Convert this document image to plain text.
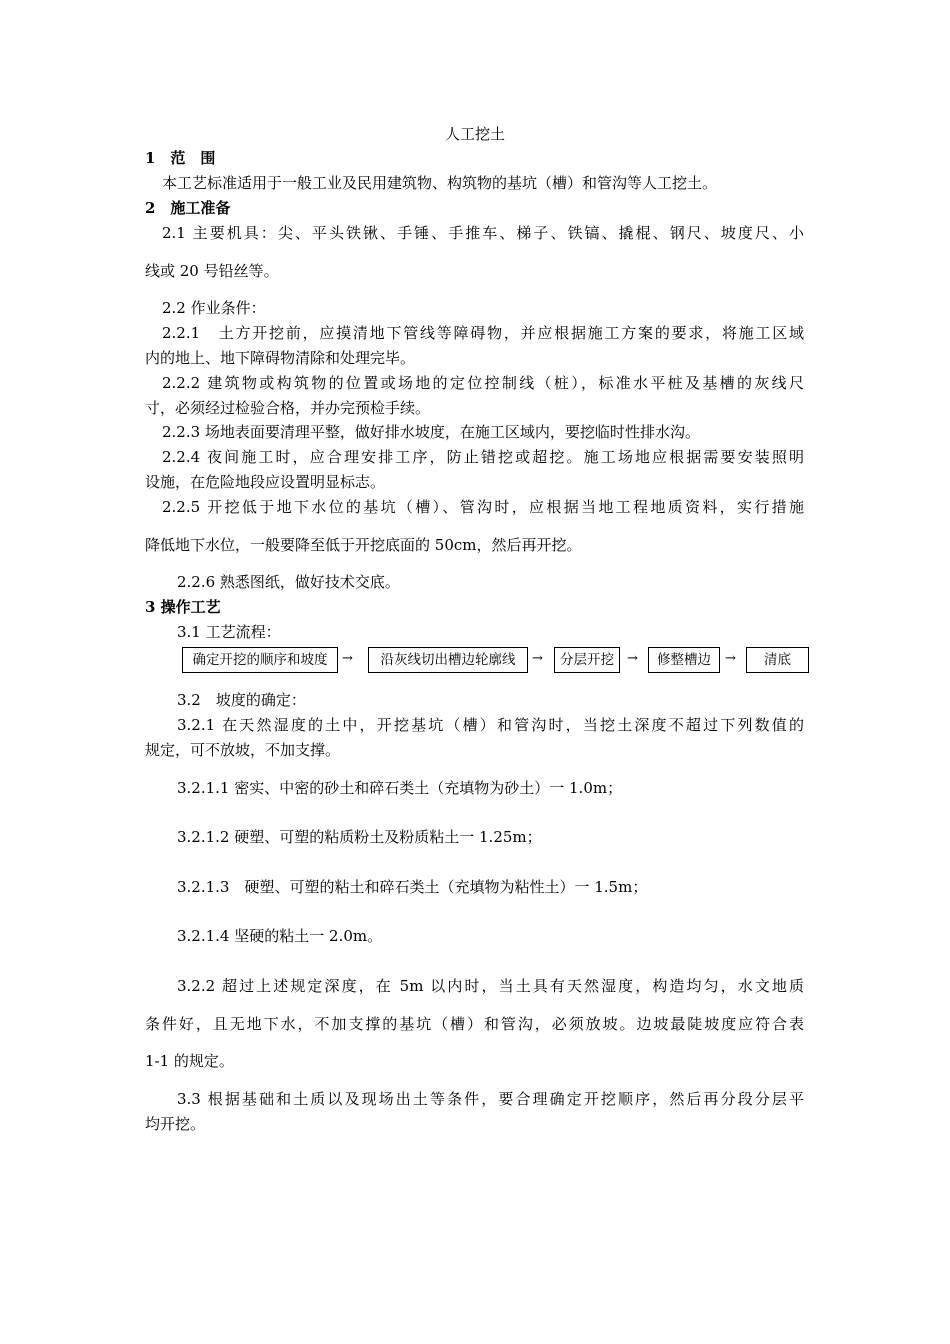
人工挖土
1　范　围
本工艺标准适用于一般工业及民用建筑物、构筑物的基坑（槽）和管沟等人工挖土。
2　施工准备
2.1 主要机具：尖、平头铁锹、手锤、手推车、梯子、铁镐、撬棍、钢尺、坡度尺、小
线或 20 号铅丝等。
2.2 作业条件：
2.2.1　土方开挖前，应摸清地下管线等障碍物，并应根据施工方案的要求，将施工区域
内的地上、地下障碍物清除和处理完毕。
2.2.2 建筑物或构筑物的位置或场地的定位控制线（桩），标准水平桩及基槽的灰线尺
寸，必须经过检验合格，并办完预检手续。
2.2.3 场地表面要清理平整，做好排水坡度，在施工区域内，要挖临时性排水沟。
2.2.4 夜间施工时，应合理安排工序，防止错挖或超挖。施工场地应根据需要安装照明
设施，在危险地段应设置明显标志。
2.2.5 开挖低于地下水位的基坑（槽）、管沟时，应根据当地工程地质资料，实行措施
降低地下水位，一般要降至低于开挖底面的 50cm，然后再开挖。
2.2.6 熟悉图纸，做好技术交底。
3 操作工艺
3.1 工艺流程：
确定开挖的顺序和坡度	→	沿灰线切出槽边轮廓线	→	分层开挖	→	修整槽边	→	清底
3.2　坡度的确定：
3.2.1 在天然湿度的土中，开挖基坑（槽）和管沟时，当挖土深度不超过下列数值的
规定，可不放坡，不加支撑。
3.2.1.1 密实、中密的砂土和碎石类土（充填物为砂土）一 1.0m；
3.2.1.2 硬塑、可塑的粘质粉土及粉质粘土一 1.25m；
3.2.1.3　硬塑、可塑的粘土和碎石类土（充填物为粘性土）一 1.5m；
3.2.1.4 坚硬的粘土一 2.0m。
3.2.2 超过上述规定深度，在 5m 以内时，当土具有天然湿度，构造均匀，水文地质
条件好，且无地下水，不加支撑的基坑（槽）和管沟，必须放坡。边坡最陡坡度应符合表
1-1 的规定。
3.3 根据基础和土质以及现场出土等条件，要合理确定开挖顺序，然后再分段分层平
均开挖。
